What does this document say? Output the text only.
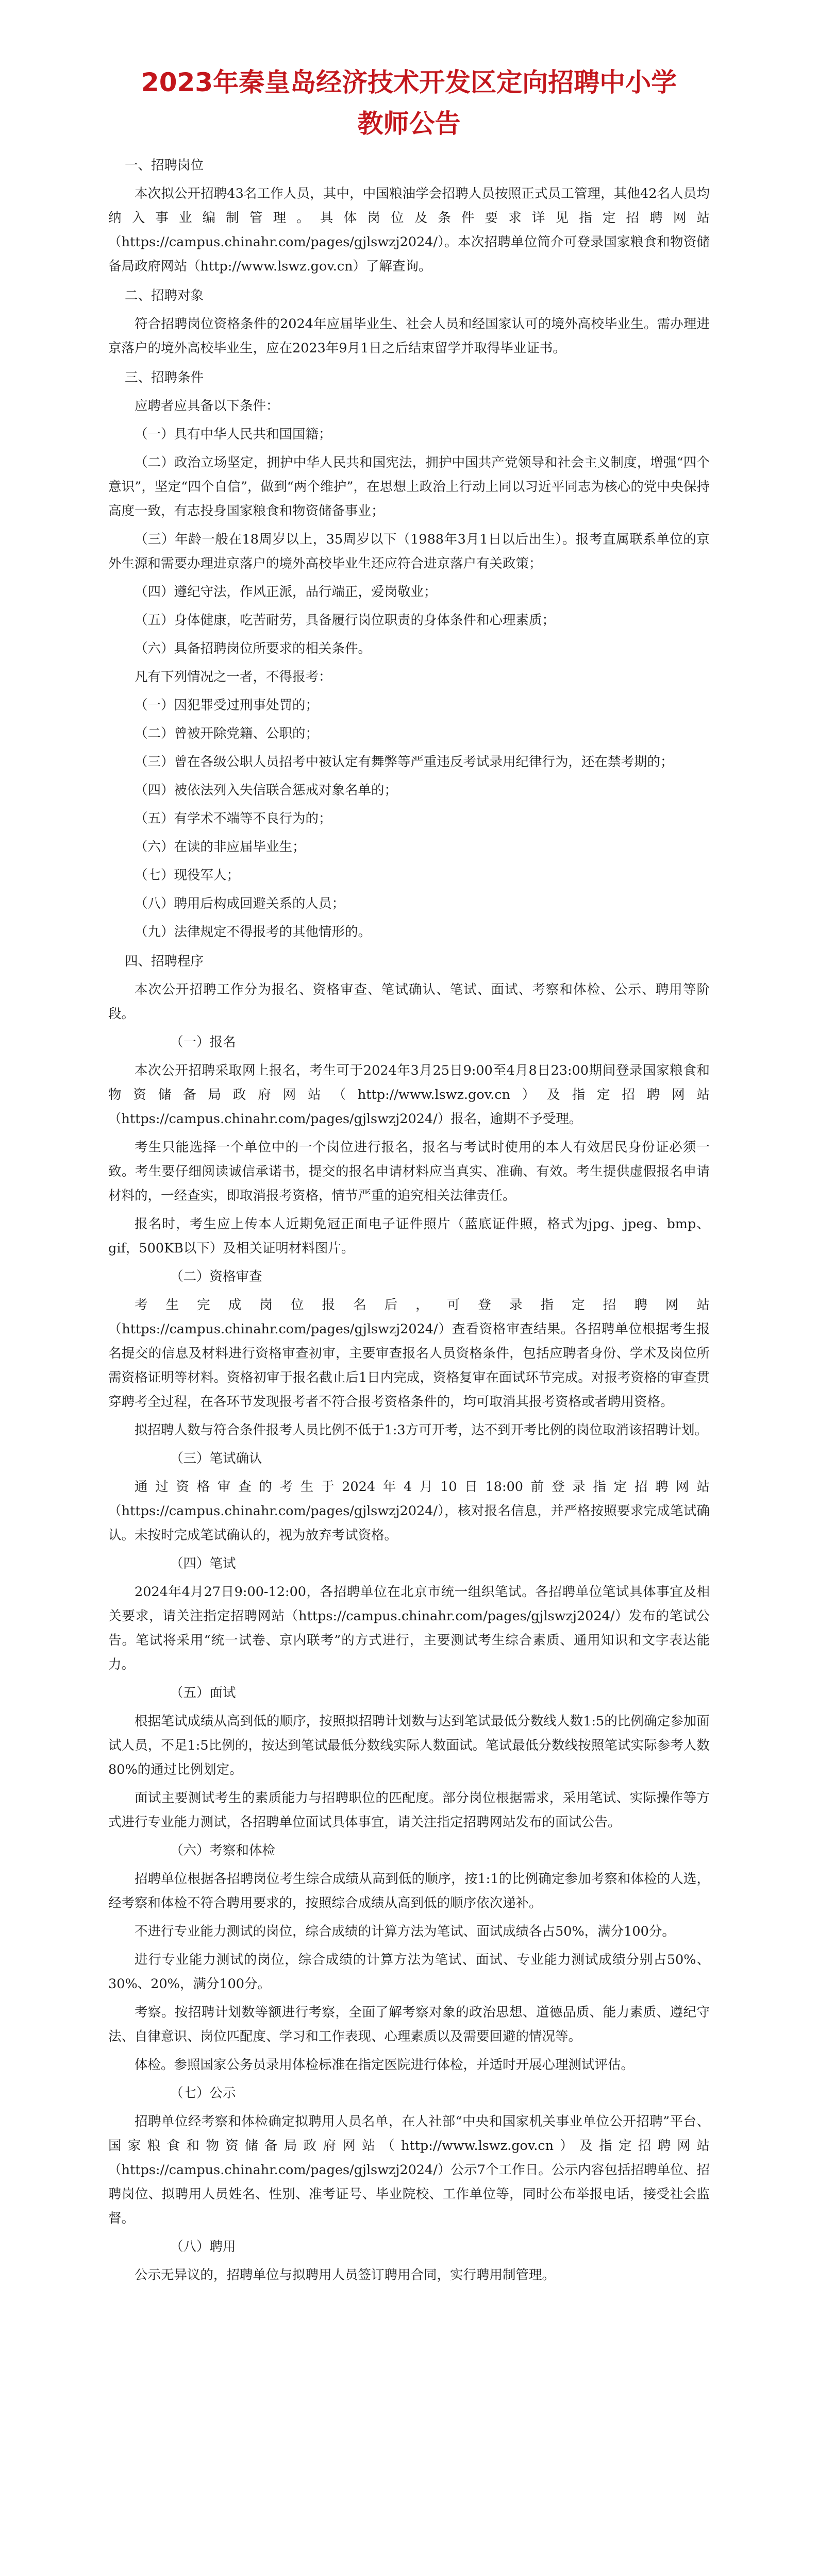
2023年秦皇岛经济技术开发区定向招聘中小学
教师公告
一、招聘岗位

本次拟公开招聘43名工作人员，其中，中国粮油学会招聘人员按照正式员工管理，其他42名人员均纳入事业编制管理。具体岗位及条件要求详见指定招聘网站（https://campus.chinahr.com/pages/gjlswzj2024/）。本次招聘单位简介可登录国家粮食和物资储备局政府网站（http://www.lswz.gov.cn）了解查询。

二、招聘对象

符合招聘岗位资格条件的2024年应届毕业生、社会人员和经国家认可的境外高校毕业生。需办理进京落户的境外高校毕业生，应在2023年9月1日之后结束留学并取得毕业证书。

三、招聘条件

应聘者应具备以下条件：

（一）具有中华人民共和国国籍；

（二）政治立场坚定，拥护中华人民共和国宪法，拥护中国共产党领导和社会主义制度，增强“四个意识”，坚定“四个自信”，做到“两个维护”，在思想上政治上行动上同以习近平同志为核心的党中央保持高度一致，有志投身国家粮食和物资储备事业；

（三）年龄一般在18周岁以上，35周岁以下（1988年3月1日以后出生）。报考直属联系单位的京外生源和需要办理进京落户的境外高校毕业生还应符合进京落户有关政策；

（四）遵纪守法，作风正派，品行端正，爱岗敬业；

（五）身体健康，吃苦耐劳，具备履行岗位职责的身体条件和心理素质；

（六）具备招聘岗位所要求的相关条件。

凡有下列情况之一者，不得报考：

（一）因犯罪受过刑事处罚的；

（二）曾被开除党籍、公职的；

（三）曾在各级公职人员招考中被认定有舞弊等严重违反考试录用纪律行为，还在禁考期的；

（四）被依法列入失信联合惩戒对象名单的；

（五）有学术不端等不良行为的；

（六）在读的非应届毕业生；

（七）现役军人；

（八）聘用后构成回避关系的人员；

（九）法律规定不得报考的其他情形的。

四、招聘程序

本次公开招聘工作分为报名、资格审查、笔试确认、笔试、面试、考察和体检、公示、聘用等阶段。

（一）报名

本次公开招聘采取网上报名，考生可于2024年3月25日9:00至4月8日23:00期间登录国家粮食和物资储备局政府网站（http://www.lswz.gov.cn）及指定招聘网站（https://campus.chinahr.com/pages/gjlswzj2024/）报名，逾期不予受理。

考生只能选择一个单位中的一个岗位进行报名，报名与考试时使用的本人有效居民身份证必须一致。考生要仔细阅读诚信承诺书，提交的报名申请材料应当真实、准确、有效。考生提供虚假报名申请材料的，一经查实，即取消报考资格，情节严重的追究相关法律责任。

报名时，考生应上传本人近期免冠正面电子证件照片（蓝底证件照，格式为jpg、jpeg、bmp、gif，500KB以下）及相关证明材料图片。

（二）资格审查

考生完成岗位报名后，可登录指定招聘网站（https://campus.chinahr.com/pages/gjlswzj2024/）查看资格审查结果。各招聘单位根据考生报名提交的信息及材料进行资格审查初审，主要审查报名人员资格条件，包括应聘者身份、学术及岗位所需资格证明等材料。资格初审于报名截止后1日内完成，资格复审在面试环节完成。对报考资格的审查贯穿聘考全过程，在各环节发现报考者不符合报考资格条件的，均可取消其报考资格或者聘用资格。

拟招聘人数与符合条件报考人员比例不低于1:3方可开考，达不到开考比例的岗位取消该招聘计划。

（三）笔试确认

通过资格审查的考生于2024年4月10日18:00前登录指定招聘网站（https://campus.chinahr.com/pages/gjlswzj2024/），核对报名信息，并严格按照要求完成笔试确认。未按时完成笔试确认的，视为放弃考试资格。

（四）笔试

2024年4月27日9:00-12:00，各招聘单位在北京市统一组织笔试。各招聘单位笔试具体事宜及相关要求，请关注指定招聘网站（https://campus.chinahr.com/pages/gjlswzj2024/）发布的笔试公告。笔试将采用“统一试卷、京内联考”的方式进行，主要测试考生综合素质、通用知识和文字表达能力。

（五）面试

根据笔试成绩从高到低的顺序，按照拟招聘计划数与达到笔试最低分数线人数1:5的比例确定参加面试人员，不足1:5比例的，按达到笔试最低分数线实际人数面试。笔试最低分数线按照笔试实际参考人数80%的通过比例划定。

面试主要测试考生的素质能力与招聘职位的匹配度。部分岗位根据需求，采用笔试、实际操作等方式进行专业能力测试，各招聘单位面试具体事宜，请关注指定招聘网站发布的面试公告。

（六）考察和体检

招聘单位根据各招聘岗位考生综合成绩从高到低的顺序，按1:1的比例确定参加考察和体检的人选，经考察和体检不符合聘用要求的，按照综合成绩从高到低的顺序依次递补。

不进行专业能力测试的岗位，综合成绩的计算方法为笔试、面试成绩各占50%，满分100分。

进行专业能力测试的岗位，综合成绩的计算方法为笔试、面试、专业能力测试成绩分别占50%、30%、20%，满分100分。

考察。按招聘计划数等额进行考察，全面了解考察对象的政治思想、道德品质、能力素质、遵纪守法、自律意识、岗位匹配度、学习和工作表现、心理素质以及需要回避的情况等。

体检。参照国家公务员录用体检标准在指定医院进行体检，并适时开展心理测试评估。

（七）公示

招聘单位经考察和体检确定拟聘用人员名单，在人社部“中央和国家机关事业单位公开招聘”平台、国家粮食和物资储备局政府网站（http://www.lswz.gov.cn）及指定招聘网站（https://campus.chinahr.com/pages/gjlswzj2024/）公示7个工作日。公示内容包括招聘单位、招聘岗位、拟聘用人员姓名、性别、准考证号、毕业院校、工作单位等，同时公布举报电话，接受社会监督。

（八）聘用

公示无异议的，招聘单位与拟聘用人员签订聘用合同，实行聘用制管理。
